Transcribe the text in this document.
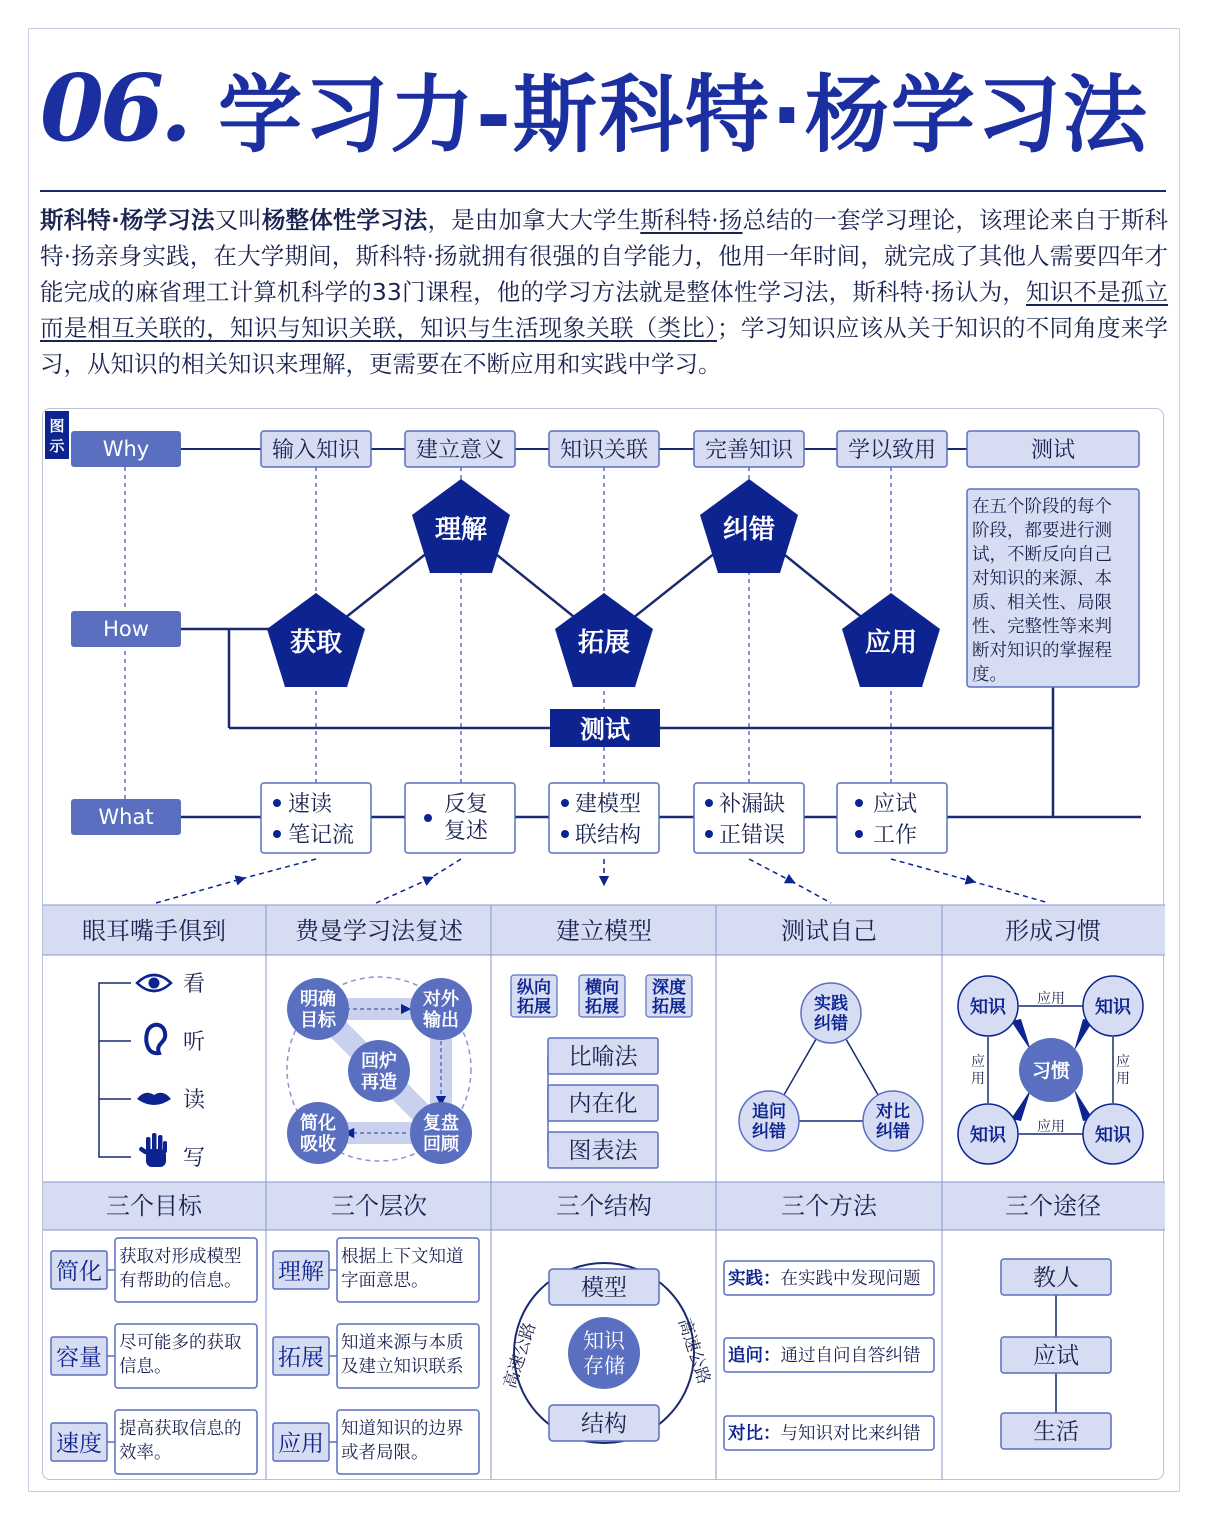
06. 学习力-斯科特·杨学习法
斯科特·杨学习法又叫杨整体性学习法，是由加拿大大学生斯科特·扬总结的一套学习理论，该理论来自于斯科特·扬亲身实践，在大学期间，斯科特·扬就拥有很强的自学能力，他用一年时间，就完成了其他人需要四年才能完成的麻省理工计算机科学的33门课程，他的学习方法就是整体性学习法，斯科特·扬认为，知识不是孤立而是相互关联的，知识与知识关联，知识与生活现象关联（类比）；学习知识应该从关于知识的不同角度来学习，从知识的相关知识来理解，更需要在不断应用和实践中学习。
图
示 Why
How
What
输入知识	建立意义	知识关联	完善知识 学以致用	测试
在五个阶段的每个
阶段，都要进行测
试，不断反向自己
对知识的来源、本
质、相关性、局限
性、完整性等来判
断对知识的掌握程
度。
获取
理解
拓展
纠错
应用
测试
速读
笔记流
反复
复述
建模型
联结构
补漏缺
正错误
应试
工作
眼耳嘴手俱到	费曼学习法复述	建立模型	测试自己	形成习惯
三个目标	三个层次	三个结构	三个方法	三个途径
看
听
读
写
明确
目标
对外
输出
回炉
再造
简化
吸收
复盘
回顾
纵向
拓展
横向
拓展
深度
拓展
比喻法
内在化
图表法
实践
纠错
追问
纠错
对比
纠错
习惯
知识	知识
知识	知识
应用
应用
应
用
应
用
简化
容量
速度
获取对形成模型
有帮助的信息。
尽可能多的获取
信息。
提高获取信息的
效率。
理解
拓展
应用
根据上下文知道
字面意思。
知道来源与本质
及建立知识联系
知道知识的边界
或者局限。
知识
存储
模型
结构
高速公路	高速公路
实践：在实践中发现问题
追问：通过自问自答纠错
对比：与知识对比来纠错
教人
应试
生活
